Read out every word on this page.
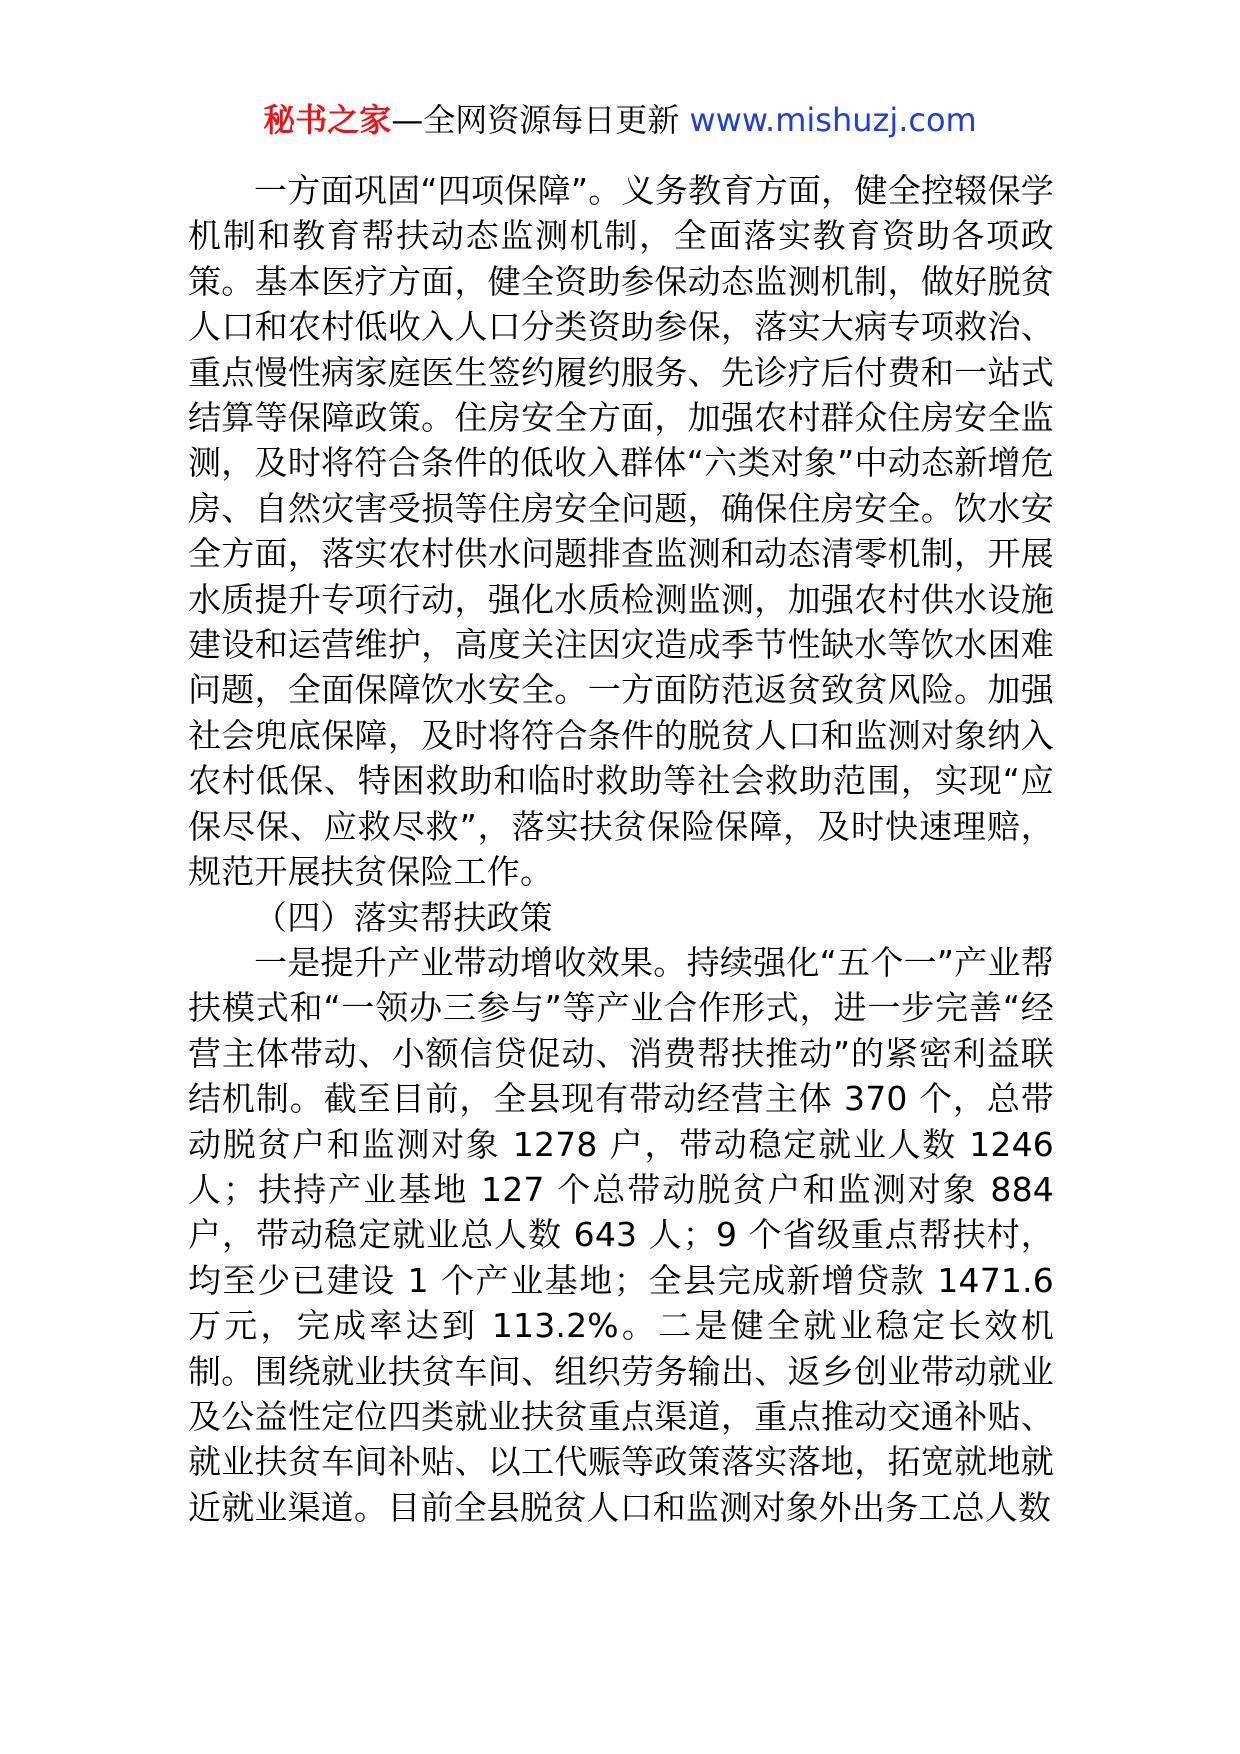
秘书之家—全网资源每日更新 www.mishuzj.com

一方面巩固“四项保障”。义务教育方面，健全控辍保学机制和教育帮扶动态监测机制，全面落实教育资助各项政策。基本医疗方面，健全资助参保动态监测机制，做好脱贫人口和农村低收入人口分类资助参保，落实大病专项救治、重点慢性病家庭医生签约履约服务、先诊疗后付费和一站式结算等保障政策。住房安全方面，加强农村群众住房安全监测，及时将符合条件的低收入群体“六类对象”中动态新增危房、自然灾害受损等住房安全问题，确保住房安全。饮水安全方面，落实农村供水问题排查监测和动态清零机制，开展水质提升专项行动，强化水质检测监测，加强农村供水设施建设和运营维护，高度关注因灾造成季节性缺水等饮水困难问题，全面保障饮水安全。一方面防范返贫致贫风险。加强社会兜底保障，及时将符合条件的脱贫人口和监测对象纳入农村低保、特困救助和临时救助等社会救助范围，实现“应保尽保、应救尽救”，落实扶贫保险保障，及时快速理赔，规范开展扶贫保险工作。

（四）落实帮扶政策

一是提升产业带动增收效果。持续强化“五个一”产业帮扶模式和“一领办三参与”等产业合作形式，进一步完善“经营主体带动、小额信贷促动、消费帮扶推动”的紧密利益联结机制。截至目前，全县现有带动经营主体 370 个，总带动脱贫户和监测对象 1278 户，带动稳定就业人数 1246 人；扶持产业基地 127 个总带动脱贫户和监测对象 884 户，带动稳定就业总人数 643 人；9 个省级重点帮扶村，均至少已建设 1 个产业基地；全县完成新增贷款 1471.6 万元，完成率达到 113.2%。二是健全就业稳定长效机制。围绕就业扶贫车间、组织劳务输出、返乡创业带动就业及公益性定位四类就业扶贫重点渠道，重点推动交通补贴、就业扶贫车间补贴、以工代赈等政策落实落地，拓宽就地就近就业渠道。目前全县脱贫人口和监测对象外出务工总人数
